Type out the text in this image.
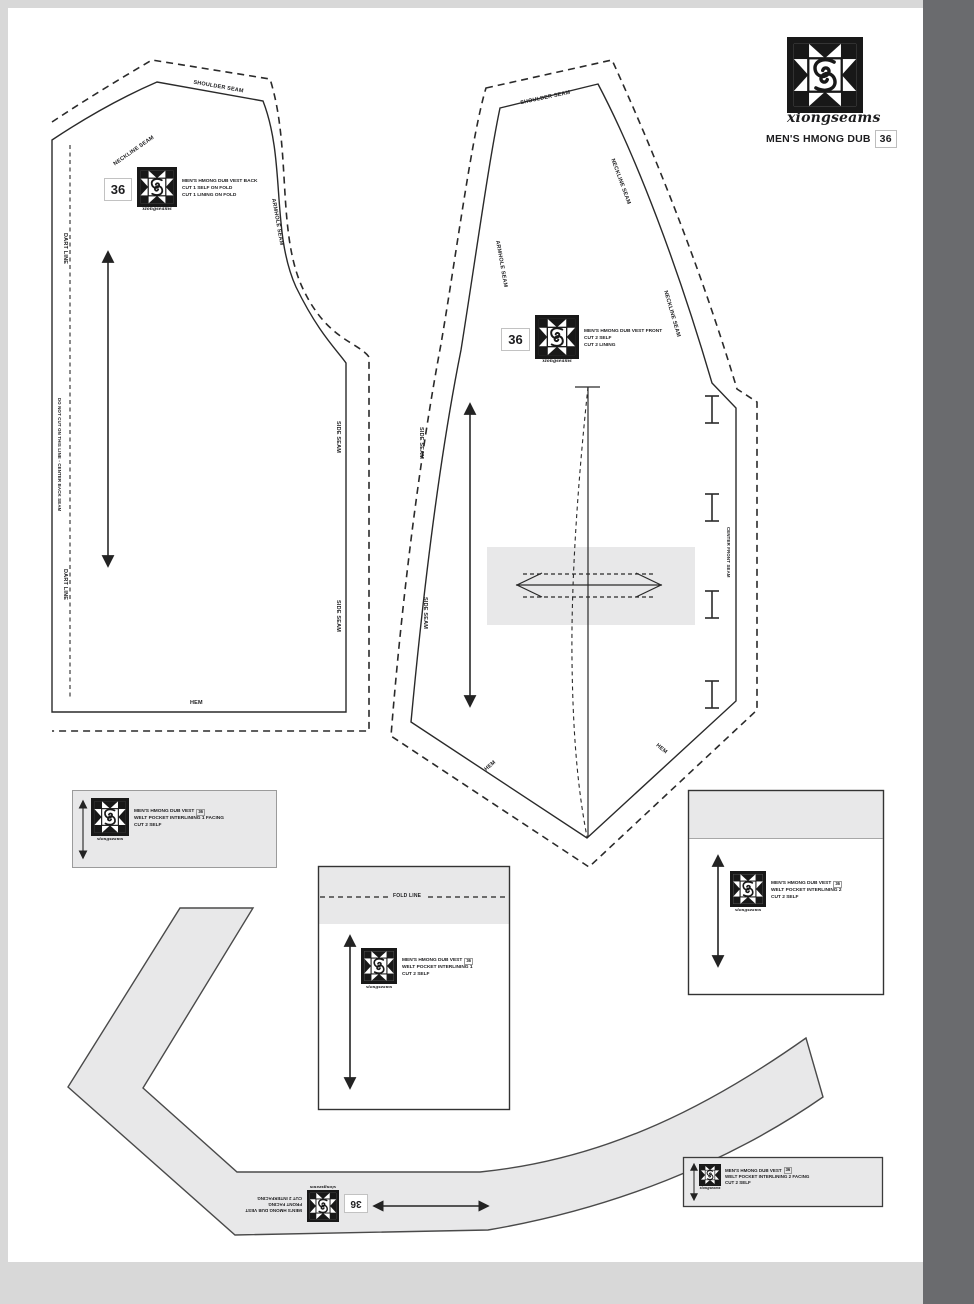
xiongseams
MEN'S HMONG DUB 36
SHOULDER SEAM
NECKLINE SEAM
ARMHOLE SEAM
SIDE SEAM
SIDE SEAM
DART LINE
DART LINE
DO NOT CUT ON THIS LINE - CENTER BACK SEAM
HEM
36
xiongseams
MEN'S HMONG DUB VEST BACK
CUT 1 SELF ON FOLD
CUT 1 LINING ON FOLD
SHOULDER SEAM
ARMHOLE SEAM
NECKLINE SEAM
NECKLINE SEAM
SIDE SEAM
SIDE SEAM
CENTER FRONT SEAM
HEM
HEM
36
xiongseams
MEN'S HMONG DUB VEST FRONT
CUT 2 SELF
CUT 2 LINING
xiongseams
MEN'S HMONG DUB VEST 36
WELT POCKET INTERLINING 1 FACING
CUT 2 SELF
FOLD LINE
xiongseams
MEN'S HMONG DUB VEST 36
WELT POCKET INTERLINING 1
CUT 2 SELF
xiongseams
MEN'S HMONG DUB VEST 36
WELT POCKET INTERLINING 2
CUT 2 SELF
36
xiongseams
MEN'S HMONG DUB VEST
FRONT FACING
CUT 2 INTERFACING
xiongseams
MEN'S HMONG DUB VEST 36
WELT POCKET INTERLINING 2 FACING
CUT 2 SELF
